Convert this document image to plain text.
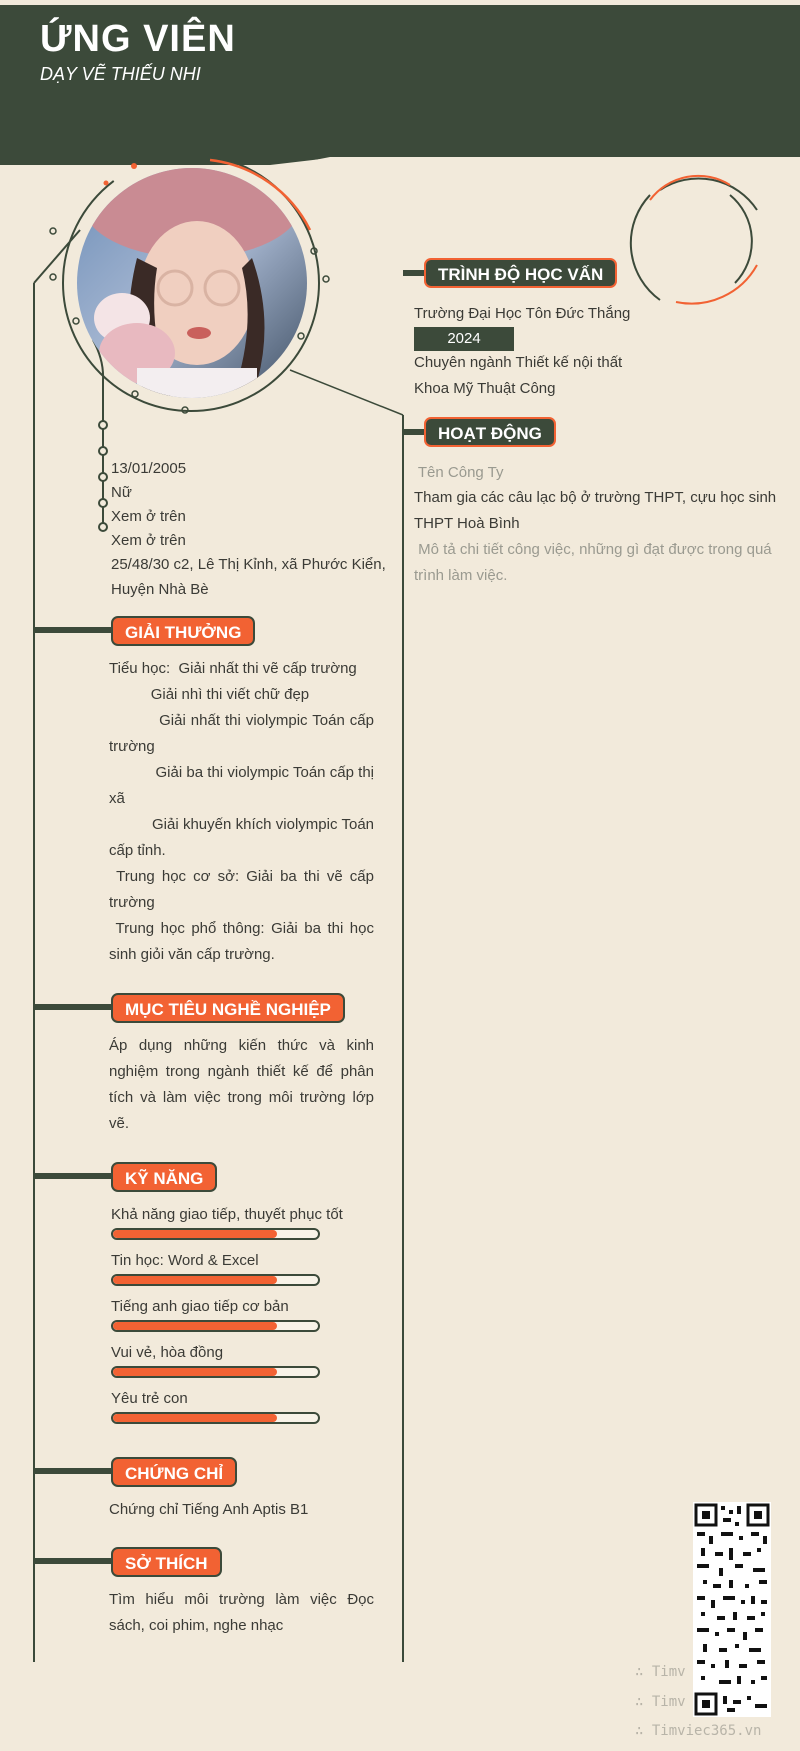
ỨNG VIÊN
DẠY VẼ THIẾU NHI
13/01/2005
Nữ
Xem ở trên
Xem ở trên
25/48/30 c2, Lê Thị Kỉnh, xã Phước Kiển, Huyện Nhà Bè
GIẢI THƯỞNG
Tiểu học:  Giải nhất thi vẽ cấp trường
Giải nhì thi viết chữ đẹp
Giải nhất thi violympic Toán cấp trường
Giải ba thi violympic Toán cấp thị xã
Giải khuyến khích violympic Toán cấp tỉnh.
Trung học cơ sở: Giải ba thi vẽ cấp trường
Trung học phổ thông: Giải ba thi học sinh giỏi văn cấp trường.
MỤC TIÊU NGHỀ NGHIỆP
Áp dụng những kiến thức và kinh nghiệm trong ngành thiết kế để phân tích và làm việc trong môi trường lớp vẽ.
KỸ NĂNG
Khả năng giao tiếp, thuyết phục tốt
Tin học: Word & Excel
Tiếng anh giao tiếp cơ bản
Vui vẻ, hòa đồng
Yêu trẻ con
CHỨNG CHỈ
Chứng chỉ Tiếng Anh Aptis B1
SỞ THÍCH
Tìm hiểu môi trường làm việc Đọc sách, coi phim, nghe nhạc
TRÌNH ĐỘ HỌC VẤN
Trường Đại Học Tôn Đức Thắng
2024
Chuyên ngành Thiết kế nội thất
Khoa Mỹ Thuật Công
HOẠT ĐỘNG
Tên Công Ty
Tham gia các câu lạc bộ ở trường THPT, cựu học sinh THPT Hoà Bình
Mô tả chi tiết công việc, những gì đạt được trong quá trình làm việc.
∴ Timv
∴ Timv
∴ Timviec365.vn
